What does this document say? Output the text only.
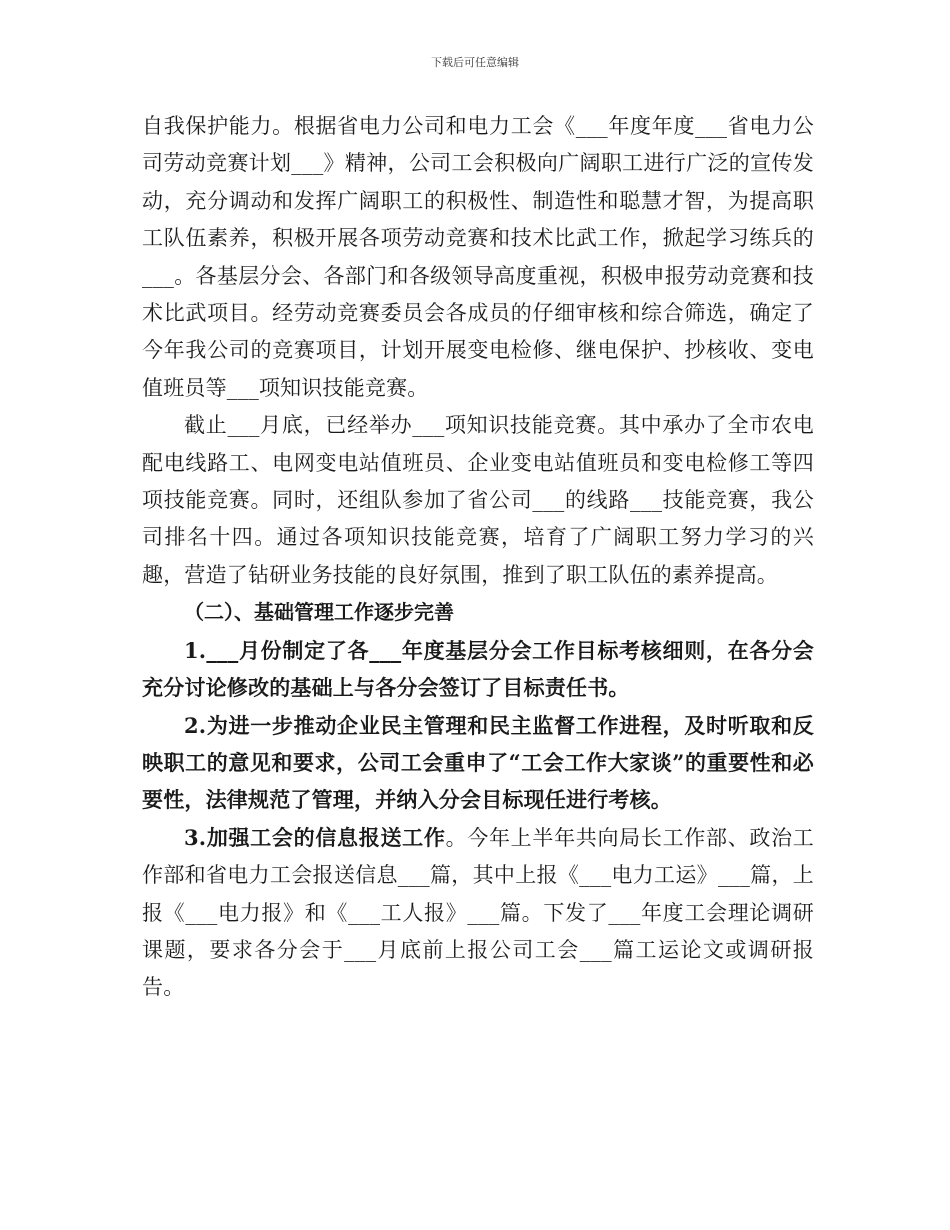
下载后可任意编辑

自我保护能力。根据省电力公司和电力工会《___年度年度___省电力公司劳动竞赛计划___》精神，公司工会积极向广阔职工进行广泛的宣传发动，充分调动和发挥广阔职工的积极性、制造性和聪慧才智，为提高职工队伍素养，积极开展各项劳动竞赛和技术比武工作，掀起学习练兵的___。各基层分会、各部门和各级领导高度重视，积极申报劳动竞赛和技术比武项目。经劳动竞赛委员会各成员的仔细审核和综合筛选，确定了今年我公司的竞赛项目，计划开展变电检修、继电保护、抄核收、变电值班员等___项知识技能竞赛。

截止___月底，已经举办___项知识技能竞赛。其中承办了全市农电配电线路工、电网变电站值班员、企业变电站值班员和变电检修工等四项技能竞赛。同时，还组队参加了省公司___的线路___技能竞赛，我公司排名十四。通过各项知识技能竞赛，培育了广阔职工努力学习的兴趣，营造了钻研业务技能的良好氛围，推到了职工队伍的素养提高。

（二）、基础管理工作逐步完善

1.___月份制定了各___年度基层分会工作目标考核细则，在各分会充分讨论修改的基础上与各分会签订了目标责任书。

2.为进一步推动企业民主管理和民主监督工作进程，及时听取和反映职工的意见和要求，公司工会重申了“工会工作大家谈”的重要性和必要性，法律规范了管理，并纳入分会目标现任进行考核。

3.加强工会的信息报送工作。今年上半年共向局长工作部、政治工作部和省电力工会报送信息___篇，其中上报《___电力工运》___篇，上报《___电力报》和《___工人报》___篇。下发了___年度工会理论调研课题，要求各分会于___月底前上报公司工会___篇工运论文或调研报告。
